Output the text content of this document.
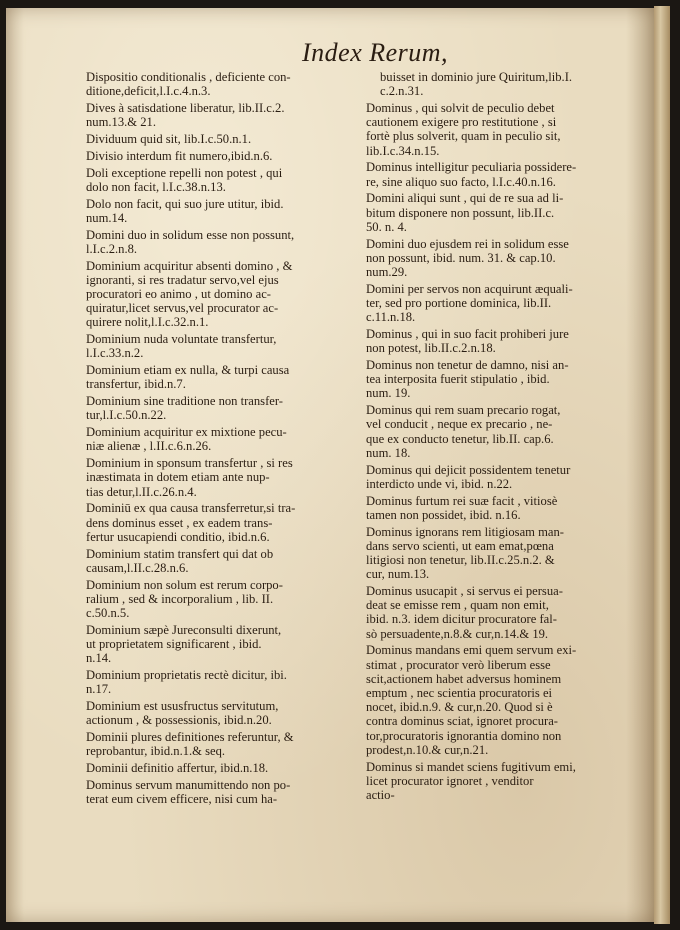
Index Rerum,
Dispositio conditionalis , deficiente con-
ditione,deficit,l.I.c.4.n.3.
Dives à satisdatione liberatur, lib.II.c.2.
num.13.& 21.
Dividuum quid sit, lib.I.c.50.n.1.
Divisio interdum fit numero,ibid.n.6.
Doli exceptione repelli non potest , qui
dolo non facit, l.I.c.38.n.13.
Dolo non facit, qui suo jure utitur, ibid.
num.14.
Domini duo in solidum esse non possunt,
l.I.c.2.n.8.
Dominium acquiritur absenti domino , &
ignoranti, si res tradatur servo,vel ejus
procuratori eo animo , ut domino ac-
quiratur,licet servus,vel procurator ac-
quirere nolit,l.I.c.32.n.1.
Dominium nuda voluntate transfertur,
l.I.c.33.n.2.
Dominium etiam ex nulla, & turpi causa
transfertur, ibid.n.7.
Dominium sine traditione non transfer-
tur,l.I.c.50.n.22.
Dominium acquiritur ex mixtione pecu-
niæ alienæ , l.II.c.6.n.26.
Dominium in sponsum transfertur , si res
inæstimata in dotem etiam ante nup-
tias detur,l.II.c.26.n.4.
Dominiū ex qua causa transferretur,si tra-
dens dominus esset , ex eadem trans-
fertur usucapiendi conditio, ibid.n.6.
Dominium statim transfert qui dat ob
causam,l.II.c.28.n.6.
Dominium non solum est rerum corpo-
ralium , sed & incorporalium , lib. II.
c.50.n.5.
Dominium sæpè Jureconsulti dixerunt,
ut proprietatem significarent , ibid.
n.14.
Dominium proprietatis rectè dicitur, ibi.
n.17.
Dominium est ususfructus servitutum,
actionum , & possessionis, ibid.n.20.
Dominii plures definitiones referuntur, &
reprobantur, ibid.n.1.& seq.
Dominii definitio affertur, ibid.n.18.
Dominus servum manumittendo non po-
terat eum civem efficere, nisi cum ha-
buisset in dominio jure Quiritum,lib.I.
c.2.n.31.
Dominus , qui solvit de peculio debet
cautionem exigere pro restitutione , si
fortè plus solverit, quam in peculio sit,
lib.I.c.34.n.15.
Dominus intelligitur peculiaria possidere-
re, sine aliquo suo facto, l.I.c.40.n.16.
Domini aliqui sunt , qui de re sua ad li-
bitum disponere non possunt, lib.II.c.
50. n. 4.
Domini duo ejusdem rei in solidum esse
non possunt, ibid. num. 31. & cap.10.
num.29.
Domini per servos non acquirunt æquali-
ter, sed pro portione dominica, lib.II.
c.11.n.18.
Dominus , qui in suo facit prohiberi jure
non potest, lib.II.c.2.n.18.
Dominus non tenetur de damno, nisi an-
tea interposita fuerit stipulatio , ibid.
num. 19.
Dominus qui rem suam precario rogat,
vel conducit , neque ex precario , ne-
que ex conducto tenetur, lib.II. cap.6.
num. 18.
Dominus qui dejicit possidentem tenetur
interdicto unde vi, ibid. n.22.
Dominus furtum rei suæ facit , vitiosè
tamen non possidet, ibid. n.16.
Dominus ignorans rem litigiosam man-
dans servo scienti, ut eam emat,pœna
litigiosi non tenetur, lib.II.c.25.n.2. &
cur, num.13.
Dominus usucapit , si servus ei persua-
deat se emisse rem , quam non emit,
ibid. n.3. idem dicitur procuratore fal-
sò persuadente,n.8.& cur,n.14.& 19.
Dominus mandans emi quem servum exi-
stimat , procurator verò liberum esse
scit,actionem habet adversus hominem
emptum , nec scientia procuratoris ei
nocet, ibid.n.9. & cur,n.20. Quod si è
contra dominus sciat, ignoret procura-
tor,procuratoris ignorantia domino non
prodest,n.10.& cur,n.21.
Dominus si mandet sciens fugitivum emi,
licet procurator ignoret , venditor
actio-
